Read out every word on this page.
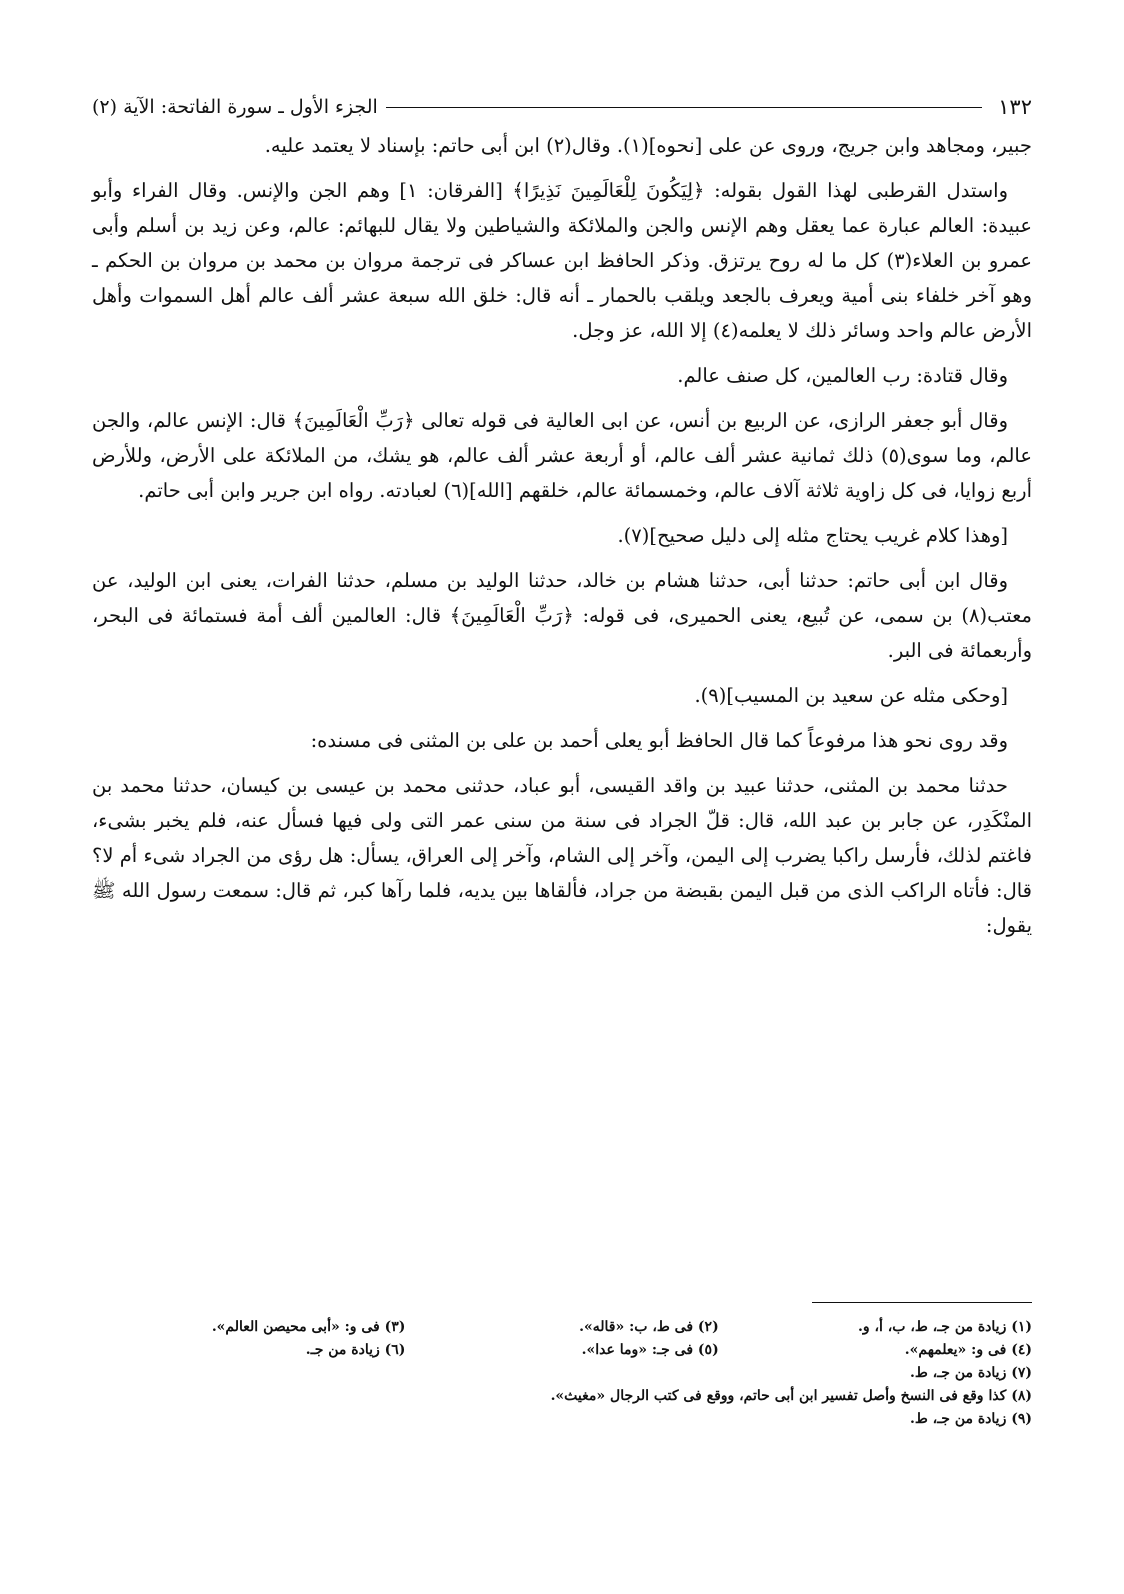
١٣٢
الجزء الأول ـ سورة الفاتحة: الآية (٢)

جبير، ومجاهد وابن جريج، وروى عن على [نحوه](١). وقال(٢) ابن أبى حاتم: بإسناد لا يعتمد عليه.

واستدل القرطبى لهذا القول بقوله: ﴿لِيَكُونَ لِلْعَالَمِينَ نَذِيرًا﴾ [الفرقان: ١] وهم الجن والإنس. وقال الفراء وأبو عبيدة: العالم عبارة عما يعقل وهم الإنس والجن والملائكة والشياطين ولا يقال للبهائم: عالم، وعن زيد بن أسلم وأبى عمرو بن العلاء(٣) كل ما له روح يرتزق. وذكر الحافظ ابن عساكر فى ترجمة مروان بن محمد بن مروان بن الحكم ـ وهو آخر خلفاء بنى أمية ويعرف بالجعد ويلقب بالحمار ـ أنه قال: خلق الله سبعة عشر ألف عالم أهل السموات وأهل الأرض عالم واحد وسائر ذلك لا يعلمه(٤) إلا الله، عز وجل.

وقال قتادة: رب العالمين، كل صنف عالم.

وقال أبو جعفر الرازى، عن الربيع بن أنس، عن ابى العالية فى قوله تعالى ﴿رَبِّ الْعَالَمِينَ﴾ قال: الإنس عالم، والجن عالم، وما سوى(٥) ذلك ثمانية عشر ألف عالم، أو أربعة عشر ألف عالم، هو يشك، من الملائكة على الأرض، وللأرض أربع زوايا، فى كل زاوية ثلاثة آلاف عالم، وخمسمائة عالم، خلقهم [الله](٦) لعبادته. رواه ابن جرير وابن أبى حاتم.

[وهذا كلام غريب يحتاج مثله إلى دليل صحيح](٧).

وقال ابن أبى حاتم: حدثنا أبى، حدثنا هشام بن خالد، حدثنا الوليد بن مسلم، حدثنا الفرات، يعنى ابن الوليد، عن معتب(٨) بن سمى، عن تُبيع، يعنى الحميرى، فى قوله: ﴿رَبِّ الْعَالَمِينَ﴾ قال: العالمين ألف أمة فستمائة فى البحر، وأربعمائة فى البر.

[وحكى مثله عن سعيد بن المسيب](٩).

وقد روى نحو هذا مرفوعاً كما قال الحافظ أبو يعلى أحمد بن على بن المثنى فى مسنده:

حدثنا محمد بن المثنى، حدثنا عبيد بن واقد القيسى، أبو عباد، حدثنى محمد بن عيسى بن كيسان، حدثنا محمد بن المنْكَدِر، عن جابر بن عبد الله، قال: قلّ الجراد فى سنة من سنى عمر التى ولى فيها فسأل عنه، فلم يخبر بشىء، فاغتم لذلك، فأرسل راكبا يضرب إلى اليمن، وآخر إلى الشام، وآخر إلى العراق، يسأل: هل رؤى من الجراد شىء أم لا؟ قال: فأتاه الراكب الذى من قبل اليمن بقبضة من جراد، فألقاها بين يديه، فلما رآها كبر، ثم قال: سمعت رسول الله ﷺ يقول:

(١) زيادة من جـ، ط، ب، أ، و.
(٢) فى ط، ب: «قاله».
(٣) فى و: «أبى محيصن العالم».
(٤) فى و: «يعلمهم».
(٥) فى جـ: «وما عدا».
(٦) زيادة من جـ.
(٧) زيادة من جـ، ط.
(٨) كذا وقع فى النسخ وأصل تفسير ابن أبى حاتم، ووقع فى كتب الرجال «مغيث».
(٩) زيادة من جـ، ط.
